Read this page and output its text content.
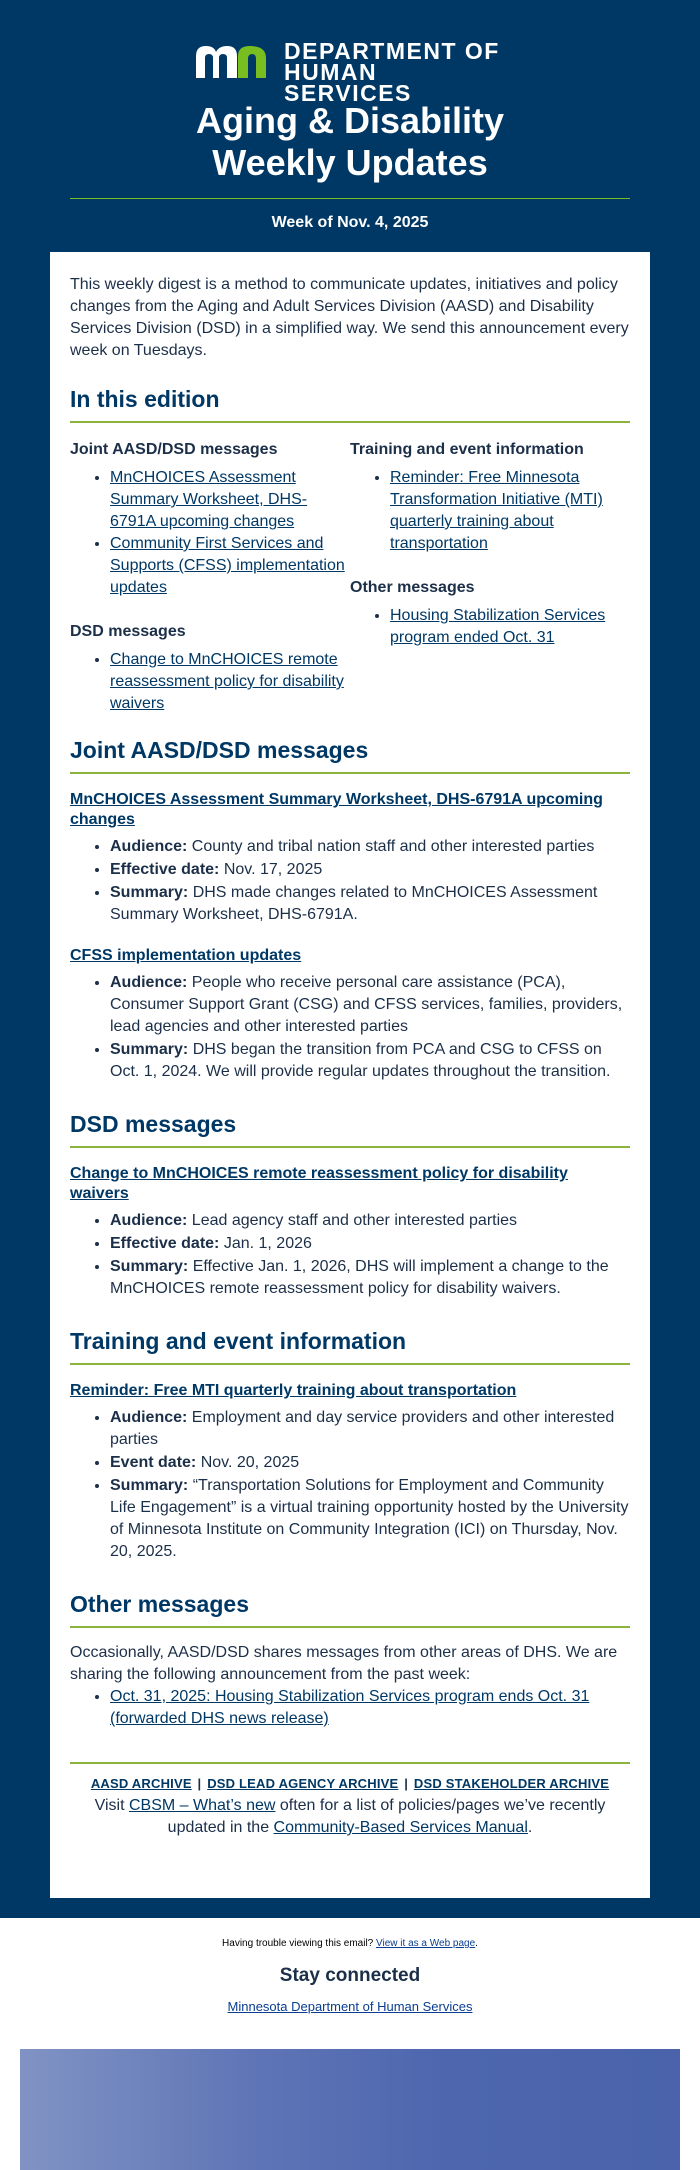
DEPARTMENT OF
HUMAN SERVICES
Aging & Disability
Weekly Updates
Week of Nov. 4, 2025

This weekly digest is a method to communicate updates, initiatives and policy changes from the Aging and Adult Services Division (AASD) and Disability Services Division (DSD) in a simplified way. We send this announcement every week on Tuesdays.

In this edition
Joint AASD/DSD messages
• MnCHOICES Assessment Summary Worksheet, DHS-6791A upcoming changes
• Community First Services and Supports (CFSS) implementation updates
DSD messages
• Change to MnCHOICES remote reassessment policy for disability waivers
Training and event information
• Reminder: Free Minnesota Transformation Initiative (MTI) quarterly training about transportation
Other messages
• Housing Stabilization Services program ended Oct. 31
Joint AASD/DSD messages
MnCHOICES Assessment Summary Worksheet, DHS-6791A upcoming changes
• Audience: County and tribal nation staff and other interested parties
• Effective date: Nov. 17, 2025
• Summary: DHS made changes related to MnCHOICES Assessment Summary Worksheet, DHS-6791A.
CFSS implementation updates
• Audience: People who receive personal care assistance (PCA), Consumer Support Grant (CSG) and CFSS services, families, providers, lead agencies and other interested parties
• Summary: DHS began the transition from PCA and CSG to CFSS on Oct. 1, 2024. We will provide regular updates throughout the transition.
DSD messages
Change to MnCHOICES remote reassessment policy for disability waivers
• Audience: Lead agency staff and other interested parties
• Effective date: Jan. 1, 2026
• Summary: Effective Jan. 1, 2026, DHS will implement a change to the MnCHOICES remote reassessment policy for disability waivers.
Training and event information
Reminder: Free MTI quarterly training about transportation
• Audience: Employment and day service providers and other interested parties
• Event date: Nov. 20, 2025
• Summary: “Transportation Solutions for Employment and Community Life Engagement” is a virtual training opportunity hosted by the University of Minnesota Institute on Community Integration (ICI) on Thursday, Nov. 20, 2025.
Other messages

Occasionally, AASD/DSD shares messages from other areas of DHS. We are sharing the following announcement from the past week:

• Oct. 31, 2025: Housing Stabilization Services program ends Oct. 31 (forwarded DHS news release)
AASD ARCHIVE | DSD LEAD AGENCY ARCHIVE | DSD STAKEHOLDER ARCHIVE
Visit CBSM – What’s new often for a list of policies/pages we’ve recently updated in the Community-Based Services Manual.
Having trouble viewing this email? View it as a Web page.
Stay connected
Minnesota Department of Human Services
